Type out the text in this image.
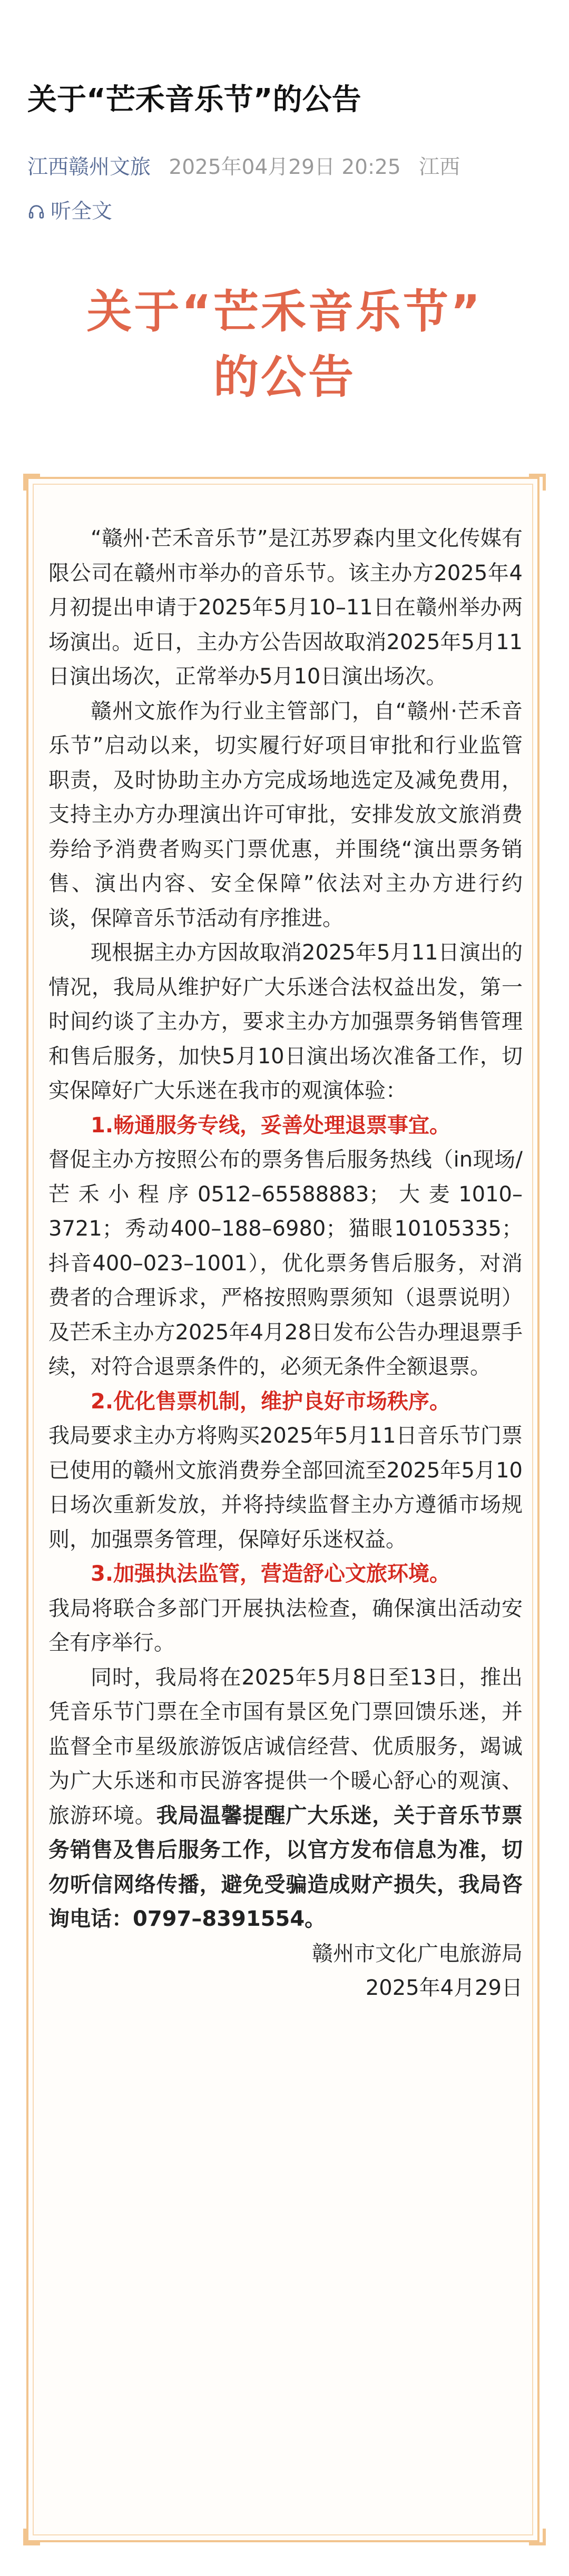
关于“芒禾音乐节”的公告
江西赣州文旅 2025年04月29日 20:25 江西
听全文
关于“芒禾音乐节”
的公告

“赣州·芒禾音乐节”是江苏罗森内里文化传媒有限公司在赣州市举办的音乐节。该主办方2025年4月初提出申请于2025年5月10–11日在赣州举办两场演出。近日，主办方公告因故取消2025年5月11日演出场次，正常举办5月10日演出场次。

赣州文旅作为行业主管部门，自“赣州·芒禾音乐节”启动以来，切实履行好项目审批和行业监管职责，及时协助主办方完成场地选定及减免费用，支持主办方办理演出许可审批，安排发放文旅消费券给予消费者购买门票优惠，并围绕“演出票务销售、演出内容、安全保障”依法对主办方进行约谈，保障音乐节活动有序推进。

现根据主办方因故取消2025年5月11日演出的情况，我局从维护好广大乐迷合法权益出发，第一时间约谈了主办方，要求主办方加强票务销售管理和售后服务，加快5月10日演出场次准备工作，切实保障好广大乐迷在我市的观演体验：

1.畅通服务专线，妥善处理退票事宜。

督促主办方按照公布的票务售后服务热线（in现场/芒禾小程序0512–65588883；大麦1010–3721；秀动400–188–6980；猫眼10105335；抖音400–023–1001），优化票务售后服务，对消费者的合理诉求，严格按照购票须知（退票说明）及芒禾主办方2025年4月28日发布公告办理退票手续，对符合退票条件的，必须无条件全额退票。

2.优化售票机制，维护良好市场秩序。

我局要求主办方将购买2025年5月11日音乐节门票已使用的赣州文旅消费券全部回流至2025年5月10日场次重新发放，并将持续监督主办方遵循市场规则，加强票务管理，保障好乐迷权益。

3.加强执法监管，营造舒心文旅环境。

我局将联合多部门开展执法检查，确保演出活动安全有序举行。

同时，我局将在2025年5月8日至13日，推出凭音乐节门票在全市国有景区免门票回馈乐迷，并监督全市星级旅游饭店诚信经营、优质服务，竭诚为广大乐迷和市民游客提供一个暖心舒心的观演、旅游环境。我局温馨提醒广大乐迷，关于音乐节票务销售及售后服务工作，以官方发布信息为准，切勿听信网络传播，避免受骗造成财产损失，我局咨询电话：0797–8391554。

赣州市文化广电旅游局

2025年4月29日
